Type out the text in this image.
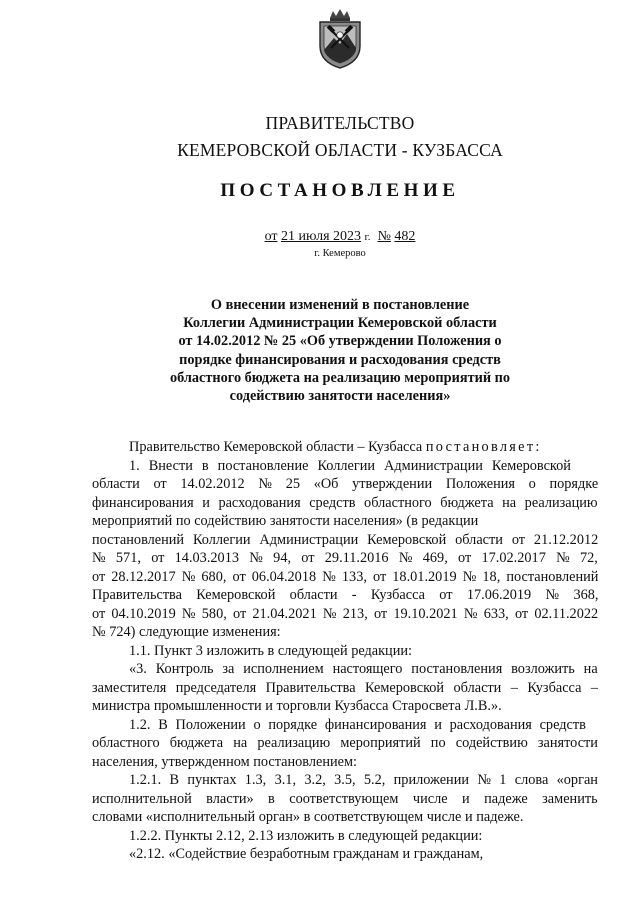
ПРАВИТЕЛЬСТВО
КЕМЕРОВСКОЙ ОБЛАСТИ - КУЗБАССА
ПОСТАНОВЛЕНИЕ
от 21 июля 2023 г. № 482
г. Кемерово
О внесении изменений в постановление
Коллегии Администрации Кемеровской области
от 14.02.2012 № 25 «Об утверждении Положения о
порядке финансирования и расходования средств
областного бюджета на реализацию мероприятий по
содействию занятости населения»
Правительство Кемеровской области – Кузбасса постановляет:
1. Внести в постановление Коллегии Администрации Кемеровской
области от 14.02.2012 № 25 «Об утверждении Положения о порядке
финансирования и расходования средств областного бюджета на реализацию
мероприятий по содействию занятости населения» (в редакции
постановлений Коллегии Администрации Кемеровской области от 21.12.2012
№ 571, от 14.03.2013 № 94, от 29.11.2016 № 469, от 17.02.2017 № 72,
от 28.12.2017 № 680, от 06.04.2018 № 133, от 18.01.2019 № 18, постановлений
Правительства Кемеровской области - Кузбасса от 17.06.2019 № 368,
от 04.10.2019 № 580, от 21.04.2021 № 213, от 19.10.2021 № 633, от 02.11.2022
№ 724) следующие изменения:
1.1. Пункт 3 изложить в следующей редакции:
«3. Контроль за исполнением настоящего постановления возложить на
заместителя председателя Правительства Кемеровской области – Кузбасса –
министра промышленности и торговли Кузбасса Старосвета Л.В.».
1.2. В Положении о порядке финансирования и расходования средств
областного бюджета на реализацию мероприятий по содействию занятости
населения, утвержденном постановлением:
1.2.1. В пунктах 1.3, 3.1, 3.2, 3.5, 5.2, приложении № 1 слова «орган
исполнительной власти» в соответствующем числе и падеже заменить
словами «исполнительный орган» в соответствующем числе и падеже.
1.2.2. Пункты 2.12, 2.13 изложить в следующей редакции:
«2.12. «Содействие безработным гражданам и гражданам,
